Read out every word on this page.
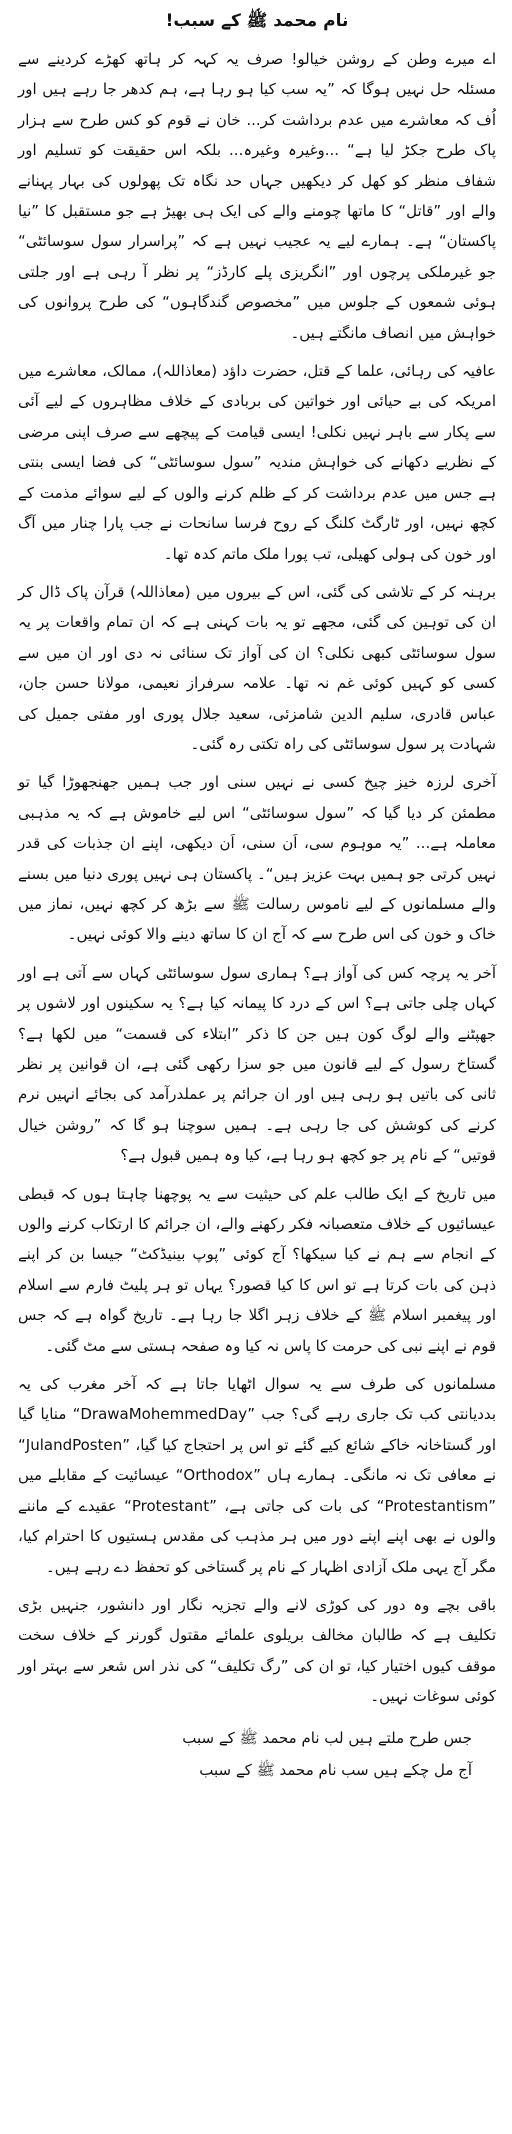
نام محمد ﷺ کے سبب!

اے میرے وطن کے روشن خیالو! صرف یہ کہہ کر ہاتھ کھڑے کردینے سے مسئلہ حل نہیں ہوگا کہ ”یہ سب کیا ہو رہا ہے، ہم کدھر جا رہے ہیں اور اُف کہ معاشرے میں عدم برداشت کر... خان نے قوم کو کس طرح سے ہزار پاک طرح جکڑ لیا ہے“ ...وغیرہ وغیرہ... بلکہ اس حقیقت کو تسلیم اور شفاف منظر کو کھل کر دیکھیں جہاں حد نگاہ تک پھولوں کی بہار پہنانے والے اور ”قاتل“ کا ماتھا چومنے والے کی ایک ہی بھیڑ ہے جو مستقبل کا ”نیا پاکستان“ ہے۔ ہمارے لیے یہ عجیب نہیں ہے کہ ”پراسرار سول سوسائٹی“ جو غیرملکی پرچوں اور ”انگریزی پلے کارڈز“ پر نظر آ رہی ہے اور جلتی ہوئی شمعوں کے جلوس میں ”مخصوص گندگاہوں“ کی طرح پروانوں کی خواہش میں انصاف مانگتے ہیں۔

عافیہ کی رہائی، علما کے قتل، حضرت داؤد (معاذاللہ)، ممالک، معاشرے میں امریکہ کی بے حیائی اور خواتین کی بربادی کے خلاف مظاہروں کے لیے آئی سے پکار سے باہر نہیں نکلی! ایسی قیامت کے پیچھے سے صرف اپنی مرضی کے نظریے دکھانے کی خواہش مندیہ ”سول سوسائٹی“ کی فضا ایسی بنتی ہے جس میں عدم برداشت کر کے ظلم کرنے والوں کے لیے سوائے مذمت کے کچھ نہیں، اور ٹارگٹ کلنگ کے روح فرسا سانحات نے جب پارا چنار میں آگ اور خون کی ہولی کھیلی، تب پورا ملک ماتم کدہ تھا۔

برہنہ کر کے تلاشی کی گئی، اس کے بیروں میں (معاذاللہ) قرآن پاک ڈال کر ان کی توہین کی گئی، مجھے تو یہ بات کہنی ہے کہ ان تمام واقعات پر یہ سول سوسائٹی کبھی نکلی؟ ان کی آواز تک سنائی نہ دی اور ان میں سے کسی کو کہیں کوئی غم نہ تھا۔ علامہ سرفراز نعیمی، مولانا حسن جان، عباس قادری، سلیم الدین شامزئی، سعید جلال پوری اور مفتی جمیل کی شہادت پر سول سوسائٹی کی راہ تکتی رہ گئی۔

آخری لرزہ خیز چیخ کسی نے نہیں سنی اور جب ہمیں جھنجھوڑا گیا تو مطمئن کر دیا گیا کہ ”سول سوسائٹی“ اس لیے خاموش ہے کہ یہ مذہبی معاملہ ہے... ”یہ موہوم سی، اَن سنی، اَن دیکھی، اپنے ان جذبات کی قدر نہیں کرتی جو ہمیں بہت عزیز ہیں“۔ پاکستان ہی نہیں پوری دنیا میں بسنے والے مسلمانوں کے لیے ناموس رسالت ﷺ سے بڑھ کر کچھ نہیں، نماز میں خاک و خون کی اس طرح سے کہ آج ان کا ساتھ دینے والا کوئی نہیں۔

آخر یہ پرچہ کس کی آواز ہے؟ ہماری سول سوسائٹی کہاں سے آتی ہے اور کہاں چلی جاتی ہے؟ اس کے درد کا پیمانہ کیا ہے؟ یہ سکینوں اور لاشوں پر جھپٹنے والے لوگ کون ہیں جن کا ذکر ”ابتلاء کی قسمت“ میں لکھا ہے؟ گستاخ رسول کے لیے قانون میں جو سزا رکھی گئی ہے، ان قوانین پر نظر ثانی کی باتیں ہو رہی ہیں اور ان جرائم پر عملدرآمد کی بجائے انہیں نرم کرنے کی کوشش کی جا رہی ہے۔ ہمیں سوچنا ہو گا کہ ”روشن خیال قوتیں“ کے نام پر جو کچھ ہو رہا ہے، کیا وہ ہمیں قبول ہے؟

میں تاریخ کے ایک طالب علم کی حیثیت سے یہ پوچھنا چاہتا ہوں کہ قبطی عیسائیوں کے خلاف متعصبانہ فکر رکھنے والے، ان جرائم کا ارتکاب کرنے والوں کے انجام سے ہم نے کیا سیکھا؟ آج کوئی ”پوپ بینیڈکٹ“ جیسا بن کر اپنے ذہن کی بات کرتا ہے تو اس کا کیا قصور؟ یہاں تو ہر پلیٹ فارم سے اسلام اور پیغمبر اسلام ﷺ کے خلاف زہر اگلا جا رہا ہے۔ تاریخ گواہ ہے کہ جس قوم نے اپنے نبی کی حرمت کا پاس نہ کیا وہ صفحہ ہستی سے مٹ گئی۔

مسلمانوں کی طرف سے یہ سوال اٹھایا جاتا ہے کہ آخر مغرب کی یہ بددیانتی کب تک جاری رہے گی؟ جب ”DrawaMohemmedDay“ منایا گیا اور گستاخانہ خاکے شائع کیے گئے تو اس پر احتجاج کیا گیا، ”JulandPosten“ نے معافی تک نہ مانگی۔ ہمارے ہاں ”Orthodox“ عیسائیت کے مقابلے میں ”Protestantism“ کی بات کی جاتی ہے، ”Protestant“ عقیدے کے ماننے والوں نے بھی اپنے اپنے دور میں ہر مذہب کی مقدس ہستیوں کا احترام کیا، مگر آج یہی ملک آزادی اظہار کے نام پر گستاخی کو تحفظ دے رہے ہیں۔

باقی بچے وہ دور کی کوڑی لانے والے تجزیہ نگار اور دانشور، جنہیں بڑی تکلیف ہے کہ طالبان مخالف بریلوی علمائے مقتول گورنر کے خلاف سخت موقف کیوں اختیار کیا، تو ان کی ”رگ تکلیف“ کی نذر اس شعر سے بہتر اور کوئی سوغات نہیں۔

جس طرح ملتے ہیں لب نام محمد ﷺ کے سبب
آج مل چکے ہیں سب نام محمد ﷺ کے سبب
